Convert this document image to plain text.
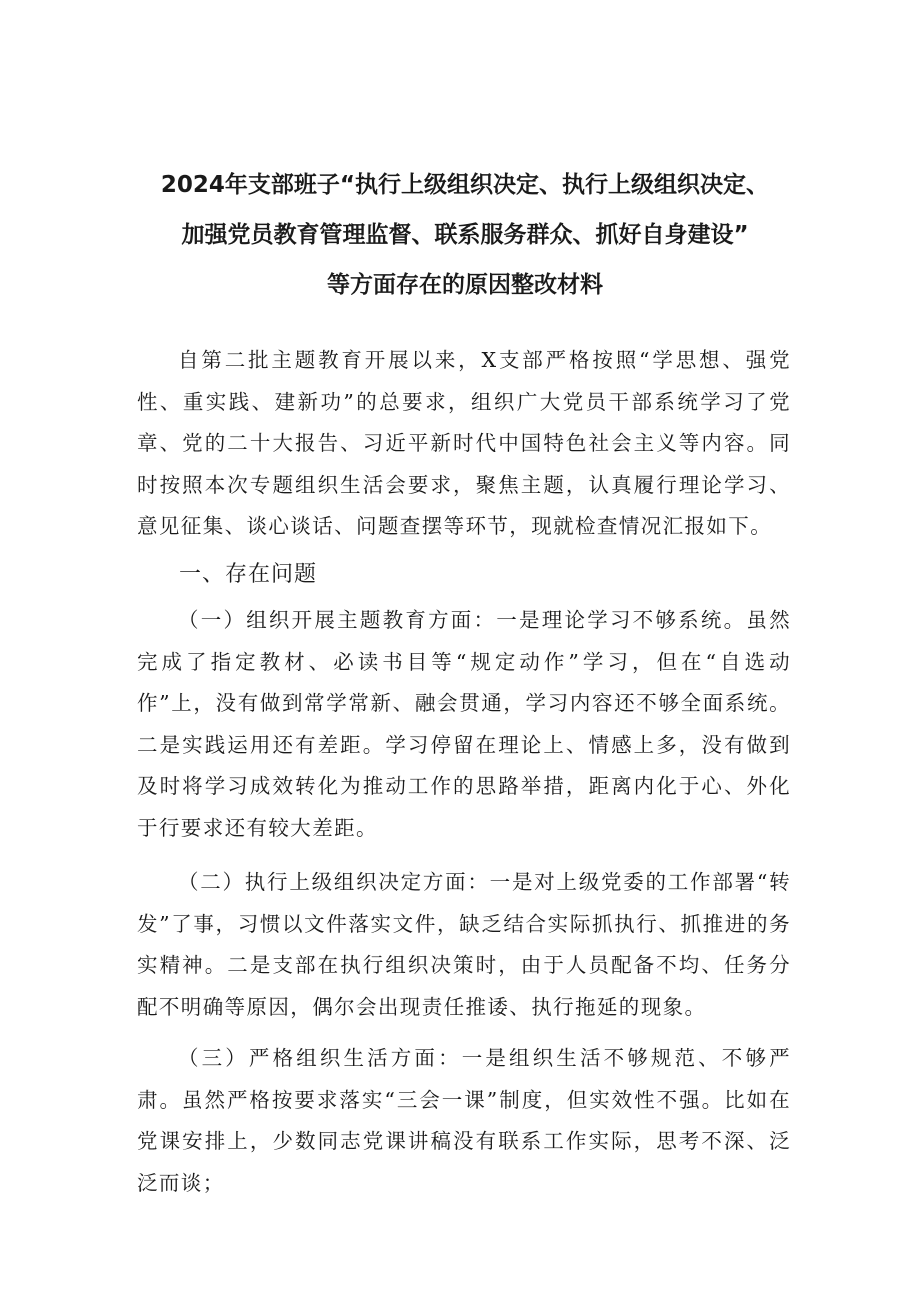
2024年支部班子“执行上级组织决定、执行上级组织决定、
加强党员教育管理监督、联系服务群众、抓好自身建设”
等方面存在的原因整改材料

自第二批主题教育开展以来，X支部严格按照“学思想、强党性、重实践、建新功”的总要求，组织广大党员干部系统学习了党章、党的二十大报告、习近平新时代中国特色社会主义等内容。同时按照本次专题组织生活会要求，聚焦主题，认真履行理论学习、意见征集、谈心谈话、问题查摆等环节，现就检查情况汇报如下。

一、存在问题

（一）组织开展主题教育方面：一是理论学习不够系统。虽然完成了指定教材、必读书目等“规定动作”学习，但在“自选动作”上，没有做到常学常新、融会贯通，学习内容还不够全面系统。二是实践运用还有差距。学习停留在理论上、情感上多，没有做到及时将学习成效转化为推动工作的思路举措，距离内化于心、外化于行要求还有较大差距。

（二）执行上级组织决定方面：一是对上级党委的工作部署“转发”了事，习惯以文件落实文件，缺乏结合实际抓执行、抓推进的务实精神。二是支部在执行组织决策时，由于人员配备不均、任务分配不明确等原因，偶尔会出现责任推诿、执行拖延的现象。

（三）严格组织生活方面：一是组织生活不够规范、不够严肃。虽然严格按要求落实“三会一课”制度，但实效性不强。比如在党课安排上，少数同志党课讲稿没有联系工作实际，思考不深、泛泛而谈；
